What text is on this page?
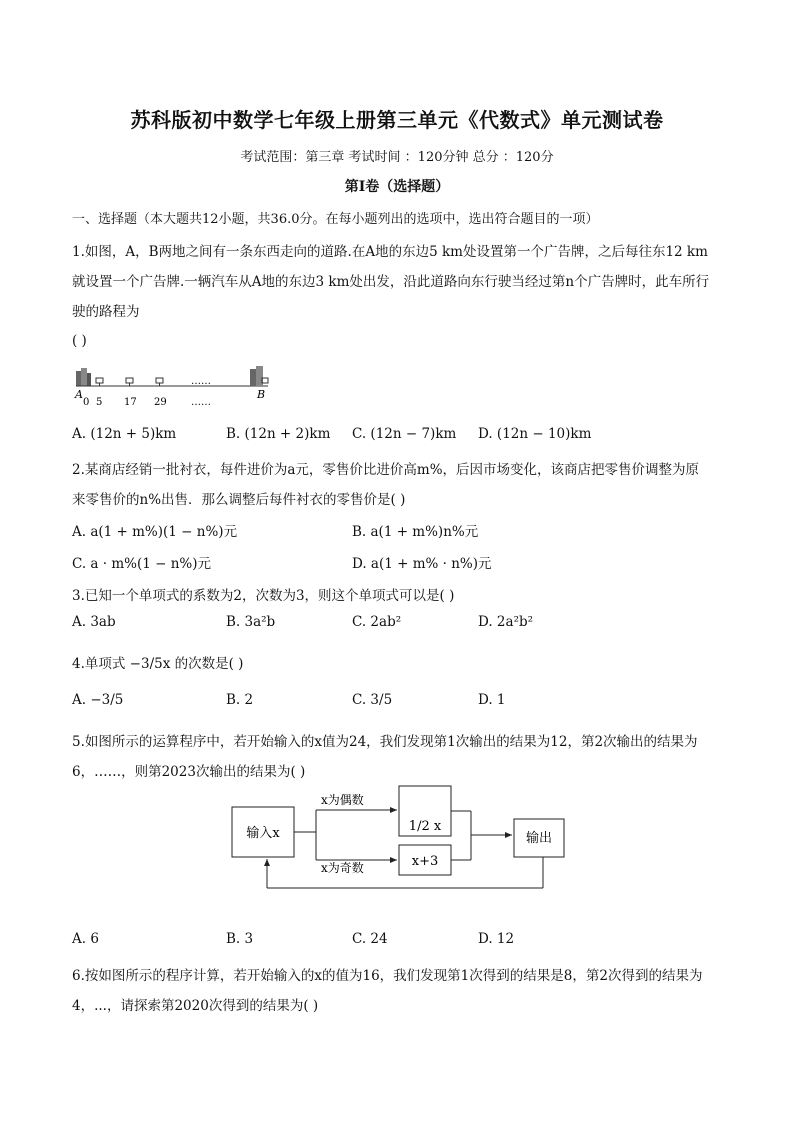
苏科版初中数学七年级上册第三单元《代数式》单元测试卷
考试范围：第三章 考试时间 ：120分钟 总分 ：120分
第I卷（选择题）
一、选择题（本大题共12小题，共36.0分。在每小题列出的选项中，选出符合题目的一项）
1.如图，A，B两地之间有一条东西走向的道路.在A地的东边5 km处设置第一个广告牌，之后每往东12 km
就设置一个广告牌.一辆汽车从A地的东边3 km处出发，沿此道路向东行驶当经过第n个广告牌时，此车所行
驶的路程为
( )
A
0 5 17 29
……
……
B
A. (12n + 5)km	B. (12n + 2)km C. (12n − 7)km D. (12n − 10)km
2.某商店经销一批衬衣，每件进价为a元，零售价比进价高m%，后因市场变化，该商店把零售价调整为原
来零售价的n%出售．那么调整后每件衬衣的零售价是( )
A. a(1 + m%)(1 − n%)元	B. a(1 + m%)n%元
C. a · m%(1 − n%)元	D. a(1 + m% · n%)元
3.已知一个单项式的系数为2，次数为3，则这个单项式可以是( )
A. 3ab	B. 3a²b	C. 2ab²	D. 2a²b²
4.单项式 −3/5x 的次数是( )
A. −3/5	B. 2	C. 3/5	D. 1
5.如图所示的运算程序中，若开始输入的x值为24，我们发现第1次输出的结果为12，第2次输出的结果为
6，……，则第2023次输出的结果为( )
输入x	1/2 x
x+3
输出
x为偶数
x为奇数
A. 6	B. 3	C. 24	D. 12
6.按如图所示的程序计算，若开始输入的x的值为16，我们发现第1次得到的结果是8，第2次得到的结果为
4，...，请探索第2020次得到的结果为( )
